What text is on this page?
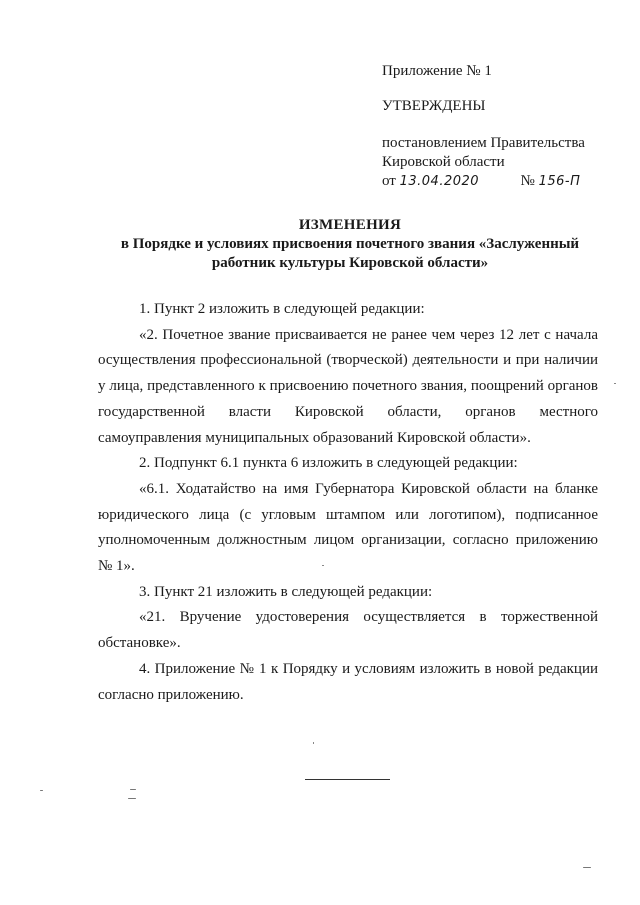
Приложение № 1
УТВЕРЖДЕНЫ
постановлением Правительства
Кировской области
от 13.04.2020	№ 156-П
ИЗМЕНЕНИЯ
в Порядке и условиях присвоения почетного звания «Заслуженный
работник культуры Кировской области»

1. Пункт 2 изложить в следующей редакции:

«2. Почетное звание присваивается не ранее чем через 12 лет с начала осуществления профессиональной (творческой) деятельности и при наличии у лица, представленного к присвоению почетного звания, поощрений органов государственной власти Кировской области, органов местного самоуправления муниципальных образований Кировской области».

2. Подпункт 6.1 пункта 6 изложить в следующей редакции:

«6.1. Ходатайство на имя Губернатора Кировской области на бланке юридического лица (с угловым штампом или логотипом), подписанное уполномоченным должностным лицом организации, согласно приложению № 1».

3. Пункт 21 изложить в следующей редакции:

«21. Вручение удостоверения осуществляется в торжественной обстановке».

4. Приложение № 1 к Порядку и условиям изложить в новой редакции согласно приложению.
